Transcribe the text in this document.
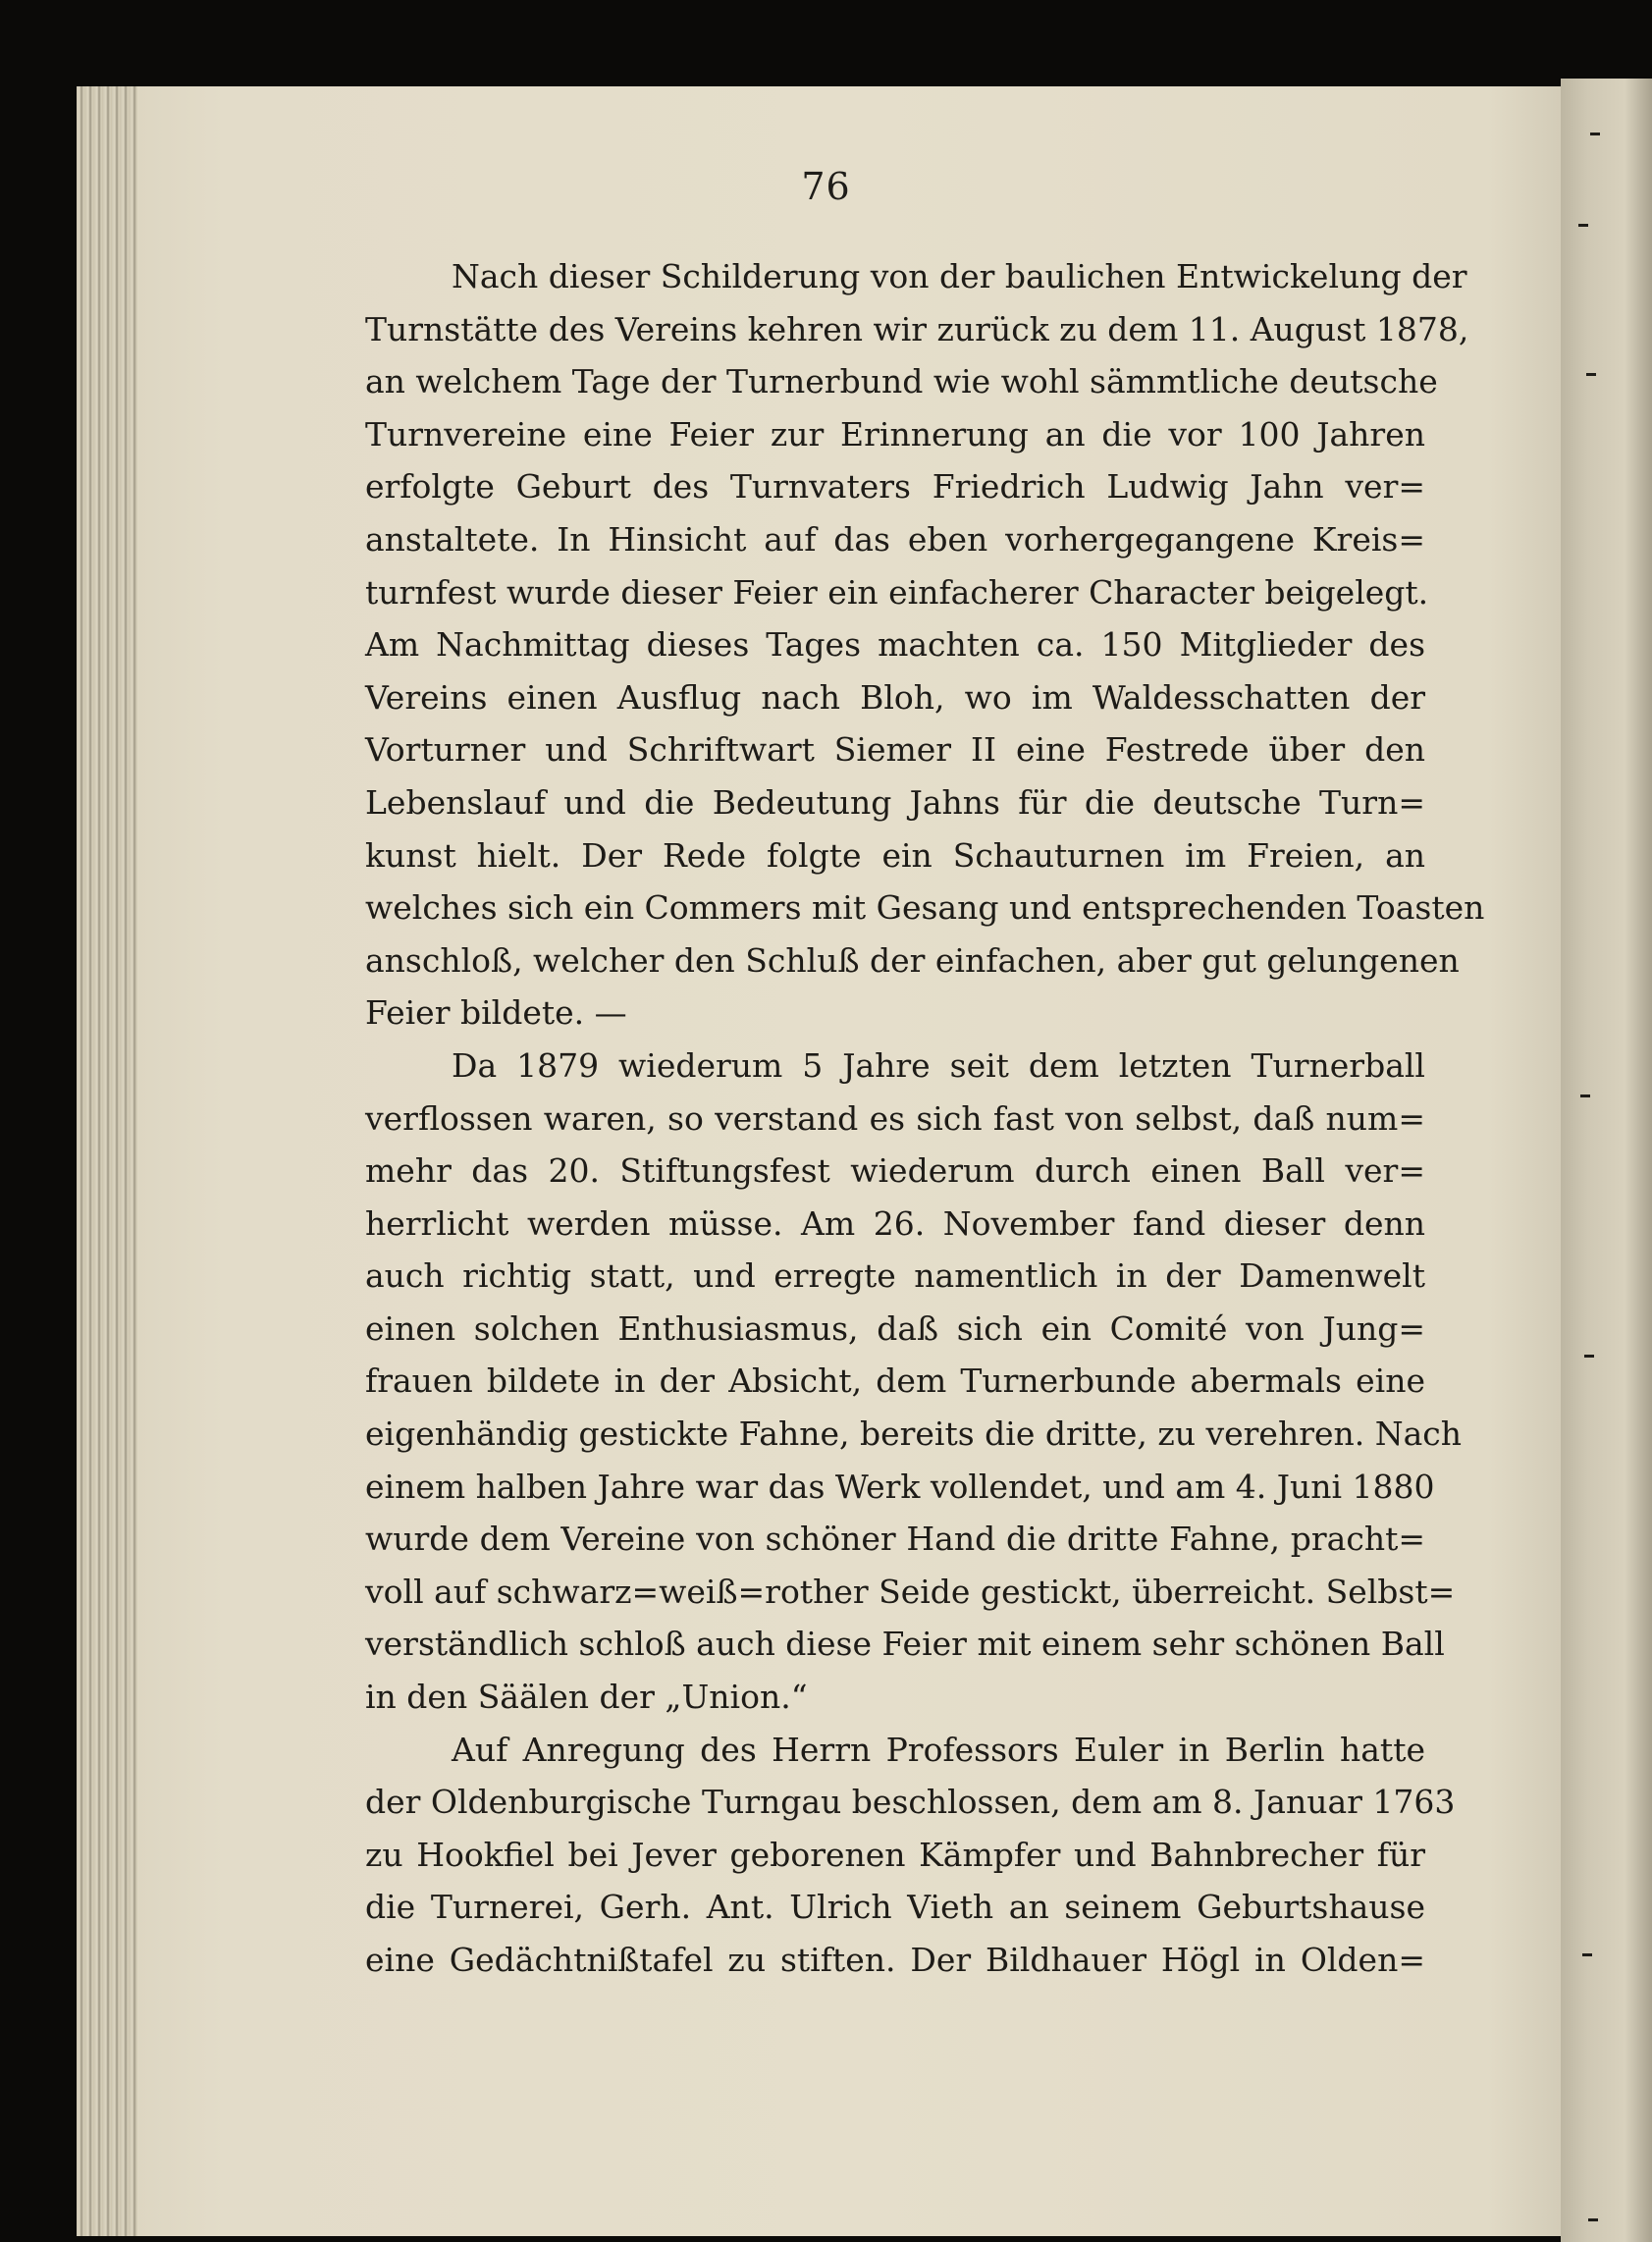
76
Nach dieser Schilderung von der baulichen Entwickelung der
Turnstätte des Vereins kehren wir zurück zu dem 11. August 1878,
an welchem Tage der Turnerbund wie wohl sämmtliche deutsche
Turnvereine eine Feier zur Erinnerung an die vor 100 Jahren
erfolgte Geburt des Turnvaters Friedrich Ludwig Jahn ver=
anstaltete. In Hinsicht auf das eben vorhergegangene Kreis=
turnfest wurde dieser Feier ein einfacherer Character beigelegt.
Am Nachmittag dieses Tages machten ca. 150 Mitglieder des
Vereins einen Ausflug nach Bloh, wo im Waldesschatten der
Vorturner und Schriftwart Siemer II eine Festrede über den
Lebenslauf und die Bedeutung Jahns für die deutsche Turn=
kunst hielt. Der Rede folgte ein Schauturnen im Freien, an
welches sich ein Commers mit Gesang und entsprechenden Toasten
anschloß, welcher den Schluß der einfachen, aber gut gelungenen
Feier bildete. —
Da 1879 wiederum 5 Jahre seit dem letzten Turnerball
verflossen waren, so verstand es sich fast von selbst, daß num=
mehr das 20. Stiftungsfest wiederum durch einen Ball ver=
herrlicht werden müsse. Am 26. November fand dieser denn
auch richtig statt, und erregte namentlich in der Damenwelt
einen solchen Enthusiasmus, daß sich ein Comité von Jung=
frauen bildete in der Absicht, dem Turnerbunde abermals eine
eigenhändig gestickte Fahne, bereits die dritte, zu verehren. Nach
einem halben Jahre war das Werk vollendet, und am 4. Juni 1880
wurde dem Vereine von schöner Hand die dritte Fahne, pracht=
voll auf schwarz=weiß=rother Seide gestickt, überreicht. Selbst=
verständlich schloß auch diese Feier mit einem sehr schönen Ball
in den Säälen der „Union.“
Auf Anregung des Herrn Professors Euler in Berlin hatte
der Oldenburgische Turngau beschlossen, dem am 8. Januar 1763
zu Hookfiel bei Jever geborenen Kämpfer und Bahnbrecher für
die Turnerei, Gerh. Ant. Ulrich Vieth an seinem Geburtshause
eine Gedächtnißtafel zu stiften. Der Bildhauer Högl in Olden=
